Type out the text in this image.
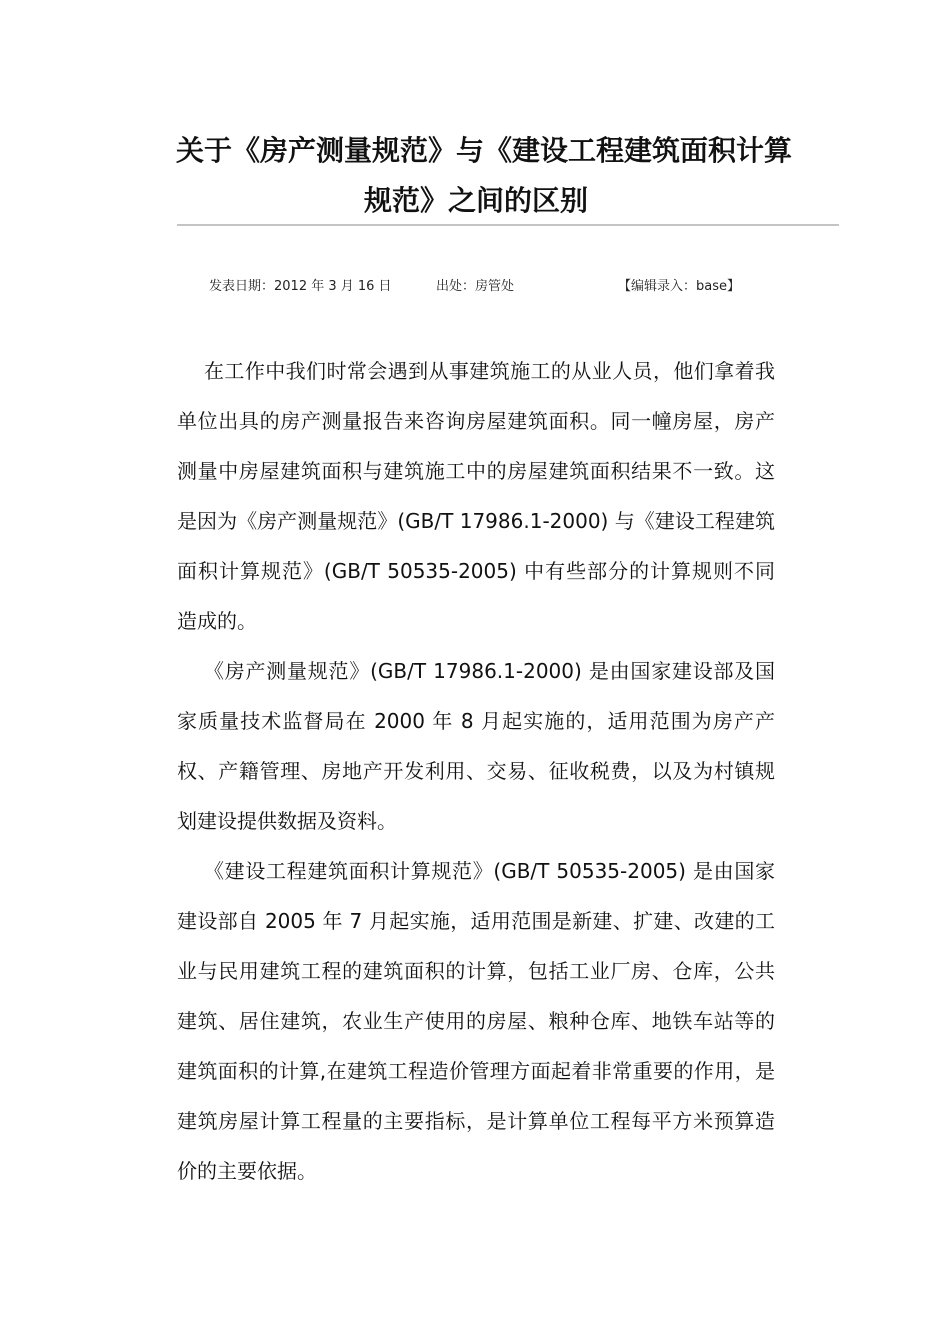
关于《房产测量规范》与《建设工程建筑面积计算
规范》之间的区别
发表日期：2012 年 3 月 16 日	出处：房管处	【编辑录入：base】

在工作中我们时常会遇到从事建筑施工的从业人员，他们拿着我单位出具的房产测量报告来咨询房屋建筑面积。同一幢房屋，房产测量中房屋建筑面积与建筑施工中的房屋建筑面积结果不一致。这是因为《房产测量规范》(GB/T 17986.1-2000) 与《建设工程建筑面积计算规范》(GB/T 50535-2005) 中有些部分的计算规则不同造成的。

《房产测量规范》(GB/T 17986.1-2000) 是由国家建设部及国家质量技术监督局在 2000 年 8 月起实施的，适用范围为房产产权、产籍管理、房地产开发利用、交易、征收税费，以及为村镇规划建设提供数据及资料。

《建设工程建筑面积计算规范》(GB/T 50535-2005) 是由国家建设部自 2005 年 7 月起实施，适用范围是新建、扩建、改建的工业与民用建筑工程的建筑面积的计算，包括工业厂房、仓库，公共建筑、居住建筑，农业生产使用的房屋、粮种仓库、地铁车站等的建筑面积的计算,在建筑工程造价管理方面起着非常重要的作用，是建筑房屋计算工程量的主要指标，是计算单位工程每平方米预算造价的主要依据。
